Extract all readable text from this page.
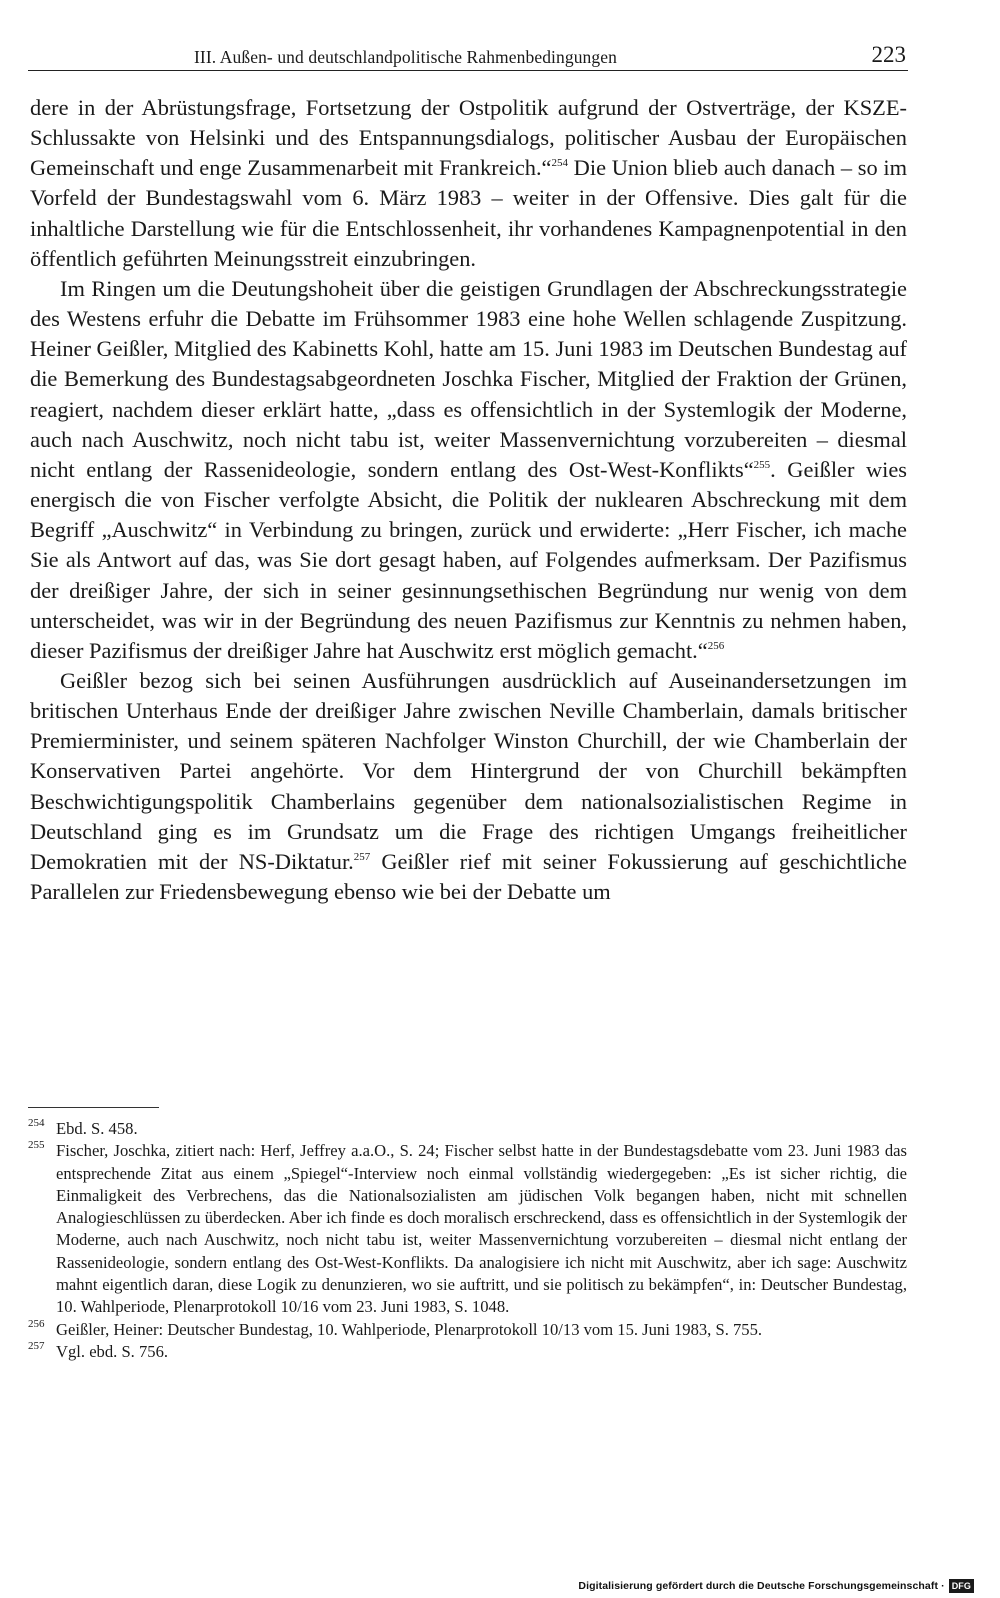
III. Außen- und deutschlandpolitische Rahmenbedingungen	223

dere in der Abrüstungsfrage, Fortsetzung der Ostpolitik aufgrund der Ostverträge, der KSZE-Schlussakte von Helsinki und des Entspannungsdialogs, politischer Ausbau der Europäischen Gemeinschaft und enge Zusammenarbeit mit Frankreich.“$^{254}$ Die Union blieb auch danach – so im Vorfeld der Bundestagswahl vom 6. März 1983 – weiter in der Offensive. Dies galt für die inhaltliche Darstellung wie für die Entschlossenheit, ihr vorhandenes Kampagnenpotential in den öffentlich geführten Meinungsstreit einzubringen.

Im Ringen um die Deutungshoheit über die geistigen Grundlagen der Abschreckungsstrategie des Westens erfuhr die Debatte im Frühsommer 1983 eine hohe Wellen schlagende Zuspitzung. Heiner Geißler, Mitglied des Kabinetts Kohl, hatte am 15. Juni 1983 im Deutschen Bundestag auf die Bemerkung des Bundestagsabgeordneten Joschka Fischer, Mitglied der Fraktion der Grünen, reagiert, nachdem dieser erklärt hatte, „dass es offensichtlich in der Systemlogik der Moderne, auch nach Auschwitz, noch nicht tabu ist, weiter Massenvernichtung vorzubereiten – diesmal nicht entlang der Rassenideologie, sondern entlang des Ost-West-Konflikts“$^{255}$. Geißler wies energisch die von Fischer verfolgte Absicht, die Politik der nuklearen Abschreckung mit dem Begriff „Auschwitz“ in Verbindung zu bringen, zurück und erwiderte: „Herr Fischer, ich mache Sie als Antwort auf das, was Sie dort gesagt haben, auf Folgendes aufmerksam. Der Pazifismus der dreißiger Jahre, der sich in seiner gesinnungsethischen Begründung nur wenig von dem unterscheidet, was wir in der Begründung des neuen Pazifismus zur Kenntnis zu nehmen haben, dieser Pazifismus der dreißiger Jahre hat Auschwitz erst möglich gemacht.“$^{256}$

Geißler bezog sich bei seinen Ausführungen ausdrücklich auf Auseinandersetzungen im britischen Unterhaus Ende der dreißiger Jahre zwischen Neville Chamberlain, damals britischer Premierminister, und seinem späteren Nachfolger Winston Churchill, der wie Chamberlain der Konservativen Partei angehörte. Vor dem Hintergrund der von Churchill bekämpften Beschwichtigungspolitik Chamberlains gegenüber dem nationalsozialistischen Regime in Deutschland ging es im Grundsatz um die Frage des richtigen Umgangs freiheitlicher Demokratien mit der NS-Diktatur.$^{257}$ Geißler rief mit seiner Fokussierung auf geschichtliche Parallelen zur Friedensbewegung ebenso wie bei der Debatte um

254 Ebd. S. 458.

255 Fischer, Joschka, zitiert nach: Herf, Jeffrey a.a.O., S. 24; Fischer selbst hatte in der Bundestagsdebatte vom 23. Juni 1983 das entsprechende Zitat aus einem „Spiegel“-Interview noch einmal vollständig wiedergegeben: „Es ist sicher richtig, die Einmaligkeit des Verbrechens, das die Nationalsozialisten am jüdischen Volk begangen haben, nicht mit schnellen Analogieschlüssen zu überdecken. Aber ich finde es doch moralisch erschreckend, dass es offensichtlich in der Systemlogik der Moderne, auch nach Auschwitz, noch nicht tabu ist, weiter Massenvernichtung vorzubereiten – diesmal nicht entlang der Rassenideologie, sondern entlang des Ost-West-Konflikts. Da analogisiere ich nicht mit Auschwitz, aber ich sage: Auschwitz mahnt eigentlich daran, diese Logik zu denunzieren, wo sie auftritt, und sie politisch zu bekämpfen“, in: Deutscher Bundestag, 10. Wahlperiode, Plenarprotokoll 10/16 vom 23. Juni 1983, S. 1048.

256 Geißler, Heiner: Deutscher Bundestag, 10. Wahlperiode, Plenarprotokoll 10/13 vom 15. Juni 1983, S. 755.

257 Vgl. ebd. S. 756.

Digitalisierung gefördert durch die Deutsche Forschungsgemeinschaft · DFG
